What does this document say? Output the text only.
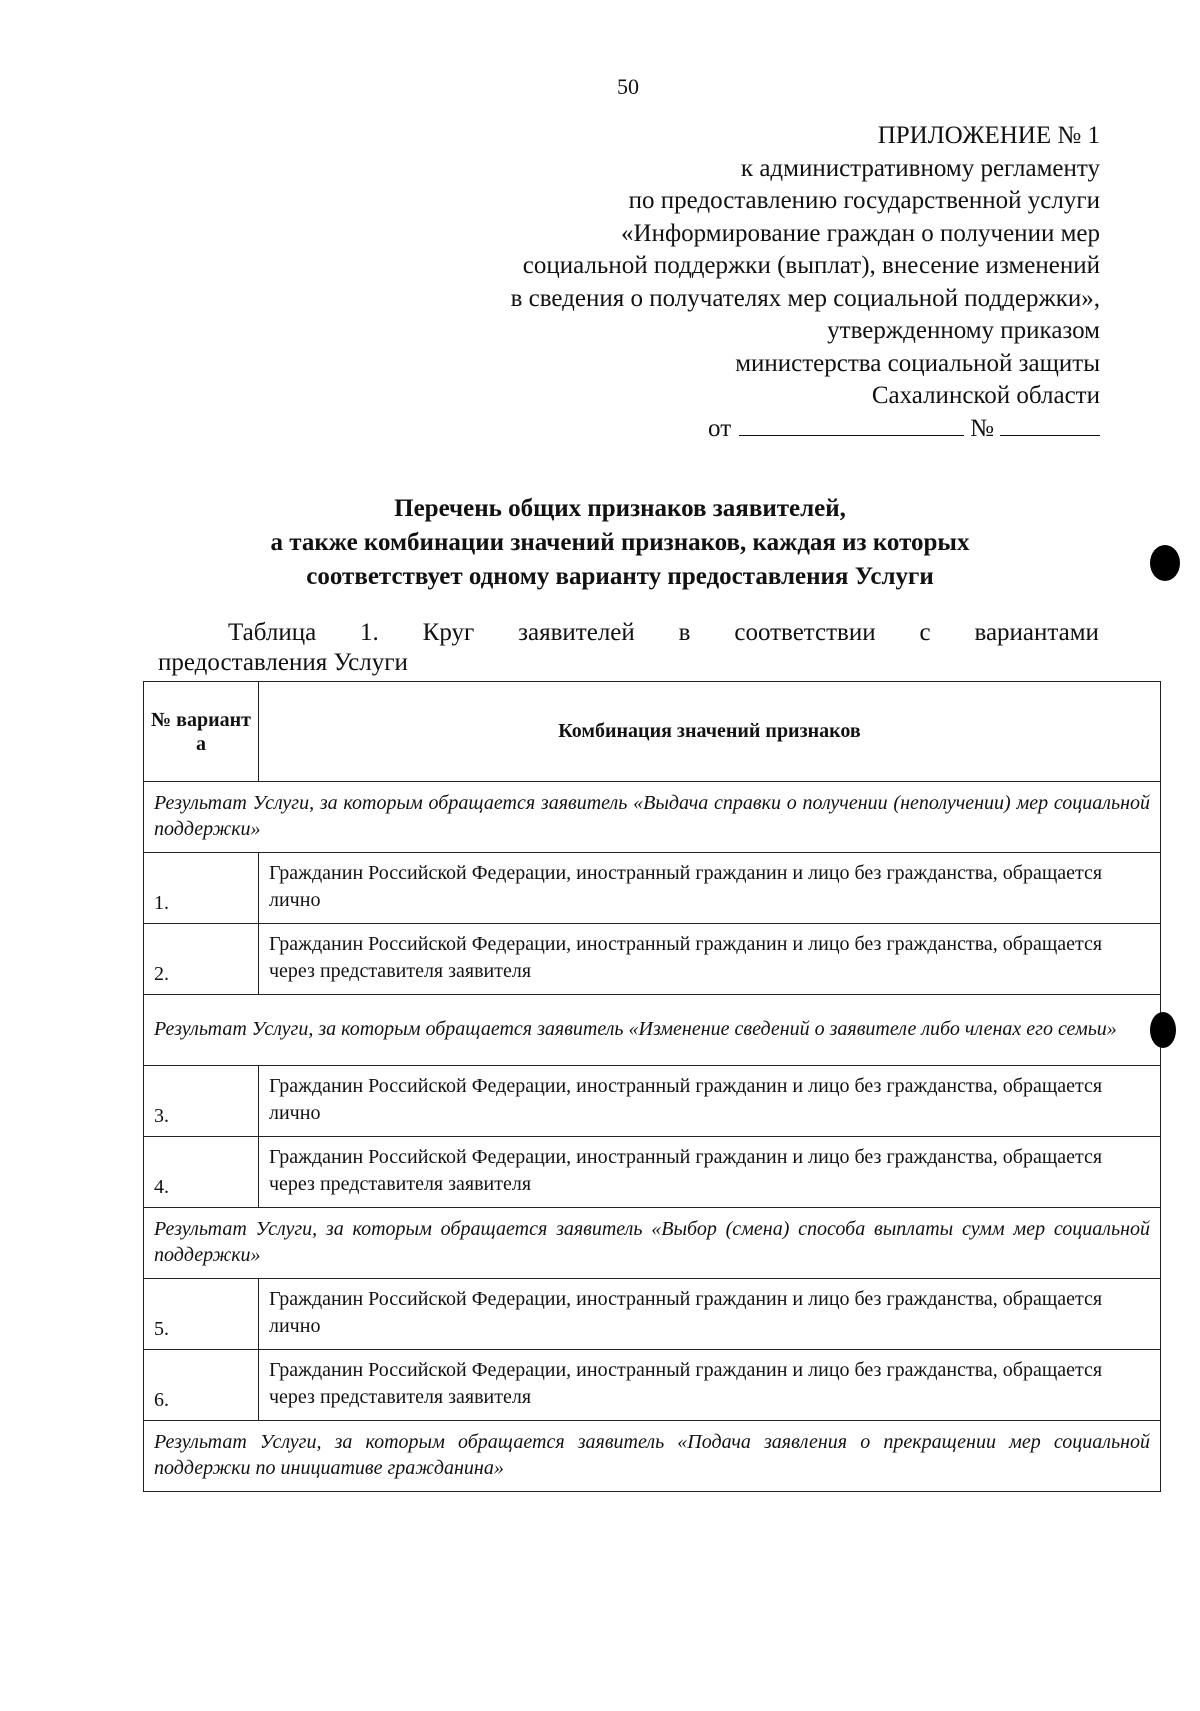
50
ПРИЛОЖЕНИЕ № 1
к административному регламенту
по предоставлению государственной услуги
«Информирование граждан о получении мер
социальной поддержки (выплат), внесение изменений
в сведения о получателях мер социальной поддержки»,
утвержденному приказом
министерства социальной защиты
Сахалинской области
от	№
Перечень общих признаков заявителей,
а также комбинации значений признаков, каждая из которых
соответствует одному варианту предоставления Услуги
Таблица 1. Круг заявителей в соответствии с вариантами
предоставления Услуги
№ вариант а	Комбинация значений признаков
Результат Услуги, за которым обращается заявитель «Выдача справки о получении (неполучении) мер социальной поддержки»	
1.	Гражданин Российской Федерации, иностранный гражданин и лицо без гражданства, обращается лично
2.	Гражданин Российской Федерации, иностранный гражданин и лицо без гражданства, обращается через представителя заявителя
Результат Услуги, за которым обращается заявитель «Изменение сведений о заявителе либо членах его семьи»	
3.	Гражданин Российской Федерации, иностранный гражданин и лицо без гражданства, обращается лично
4.	Гражданин Российской Федерации, иностранный гражданин и лицо без гражданства, обращается через представителя заявителя
Результат Услуги, за которым обращается заявитель «Выбор (смена) способа выплаты сумм мер социальной поддержки»	
5.	Гражданин Российской Федерации, иностранный гражданин и лицо без гражданства, обращается лично
6.	Гражданин Российской Федерации, иностранный гражданин и лицо без гражданства, обращается через представителя заявителя
Результат Услуги, за которым обращается заявитель «Подача заявления о прекращении мер социальной поддержки по инициативе гражданина»	
